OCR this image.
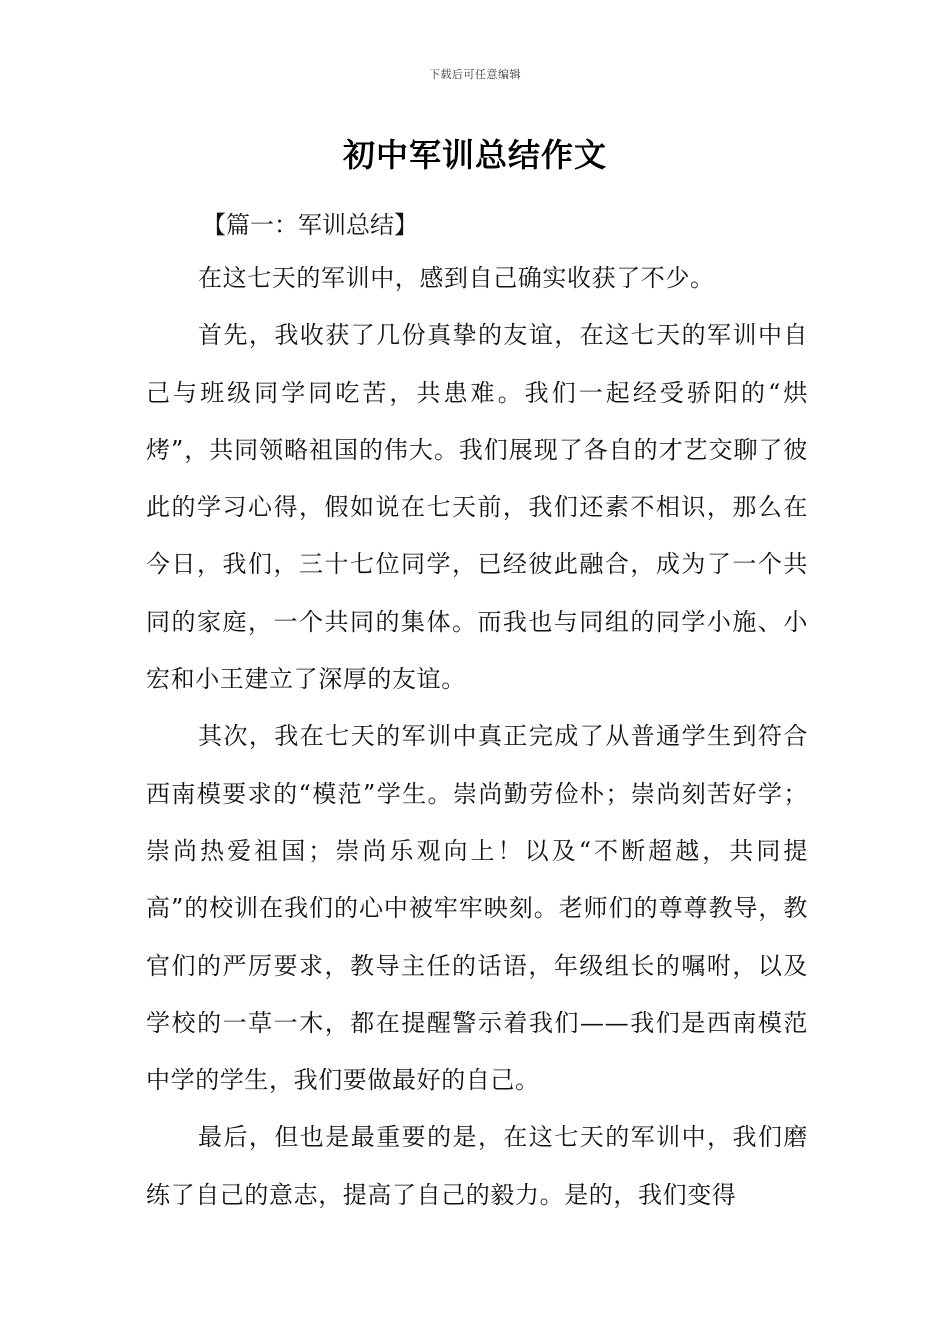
下载后可任意编辑
初中军训总结作文
【篇一：军训总结】

在这七天的军训中，感到自己确实收获了不少。

首先，我收获了几份真挚的友谊，在这七天的军训中自己与班级同学同吃苦，共患难。我们一起经受骄阳的“烘烤”，共同领略祖国的伟大。我们展现了各自的才艺交聊了彼此的学习心得，假如说在七天前，我们还素不相识，那么在今日，我们，三十七位同学，已经彼此融合，成为了一个共同的家庭，一个共同的集体。而我也与同组的同学小施、小宏和小王建立了深厚的友谊。

其次，我在七天的军训中真正完成了从普通学生到符合西南模要求的“模范”学生。崇尚勤劳俭朴；崇尚刻苦好学；崇尚热爱祖国；崇尚乐观向上！以及“不断超越，共同提高”的校训在我们的心中被牢牢映刻。老师们的尊尊教导，教官们的严厉要求，教导主任的话语，年级组长的嘱咐，以及学校的一草一木，都在提醒警示着我们——我们是西南模范中学的学生，我们要做最好的自己。

最后，但也是最重要的是，在这七天的军训中，我们磨练了自己的意志，提高了自己的毅力。是的，我们变得
